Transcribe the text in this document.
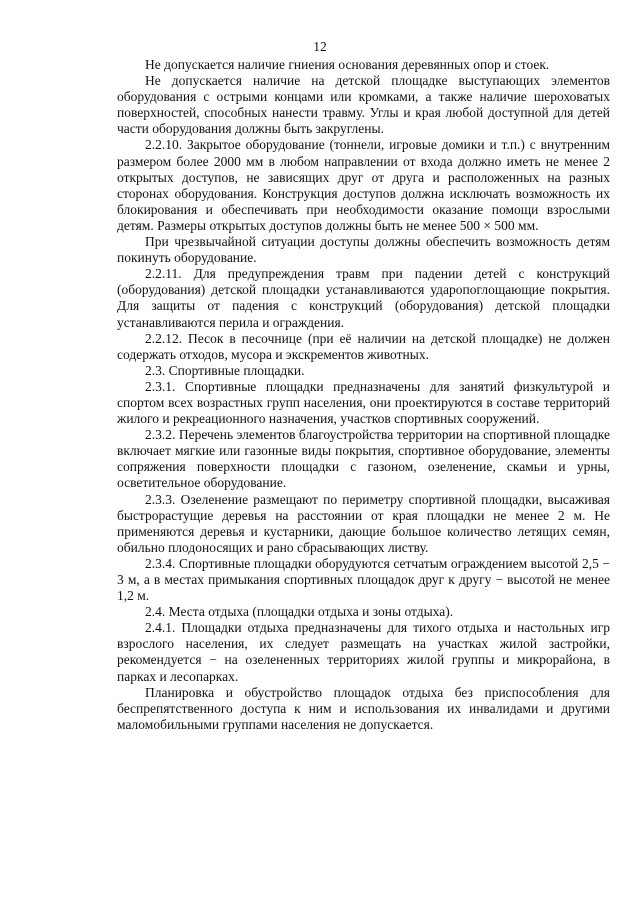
12

Не допускается наличие гниения основания деревянных опор и стоек.

Не допускается наличие на детской площадке выступающих элементов оборудования с острыми концами или кромками, а также наличие шероховатых поверхностей, способных нанести травму. Углы и края любой доступной для детей части оборудования должны быть закруглены.

2.2.10. Закрытое оборудование (тоннели, игровые домики и т.п.) с внутренним размером более 2000 мм в любом направлении от входа должно иметь не менее 2 открытых доступов, не зависящих друг от друга и расположенных на разных сторонах оборудования. Конструкция доступов должна исключать возможность их блокирования и обеспечивать при необходимости оказание помощи взрослыми детям. Размеры открытых доступов должны быть не менее 500 × 500 мм.

При чрезвычайной ситуации доступы должны обеспечить возможность детям покинуть оборудование.

2.2.11. Для предупреждения травм при падении детей с конструкций (оборудования) детской площадки устанавливаются ударопоглощающие покрытия. Для защиты от падения с конструкций (оборудования) детской площадки устанавливаются перила и ограждения.

2.2.12. Песок в песочнице (при её наличии на детской площадке) не должен содержать отходов, мусора и экскрементов животных.

2.3. Спортивные площадки.

2.3.1. Спортивные площадки предназначены для занятий физкультурой и спортом всех возрастных групп населения, они проектируются в составе территорий жилого и рекреационного назначения, участков спортивных сооружений.

2.3.2. Перечень элементов благоустройства территории на спортивной площадке включает мягкие или газонные виды покрытия, спортивное оборудование, элементы сопряжения поверхности площадки с газоном, озеленение, скамьи и урны, осветительное оборудование.

2.3.3. Озеленение размещают по периметру спортивной площадки, высаживая быстрорастущие деревья на расстоянии от края площадки не менее 2 м. Не применяются деревья и кустарники, дающие большое количество летящих семян, обильно плодоносящих и рано сбрасывающих листву.

2.3.4. Спортивные площадки оборудуются сетчатым ограждением высотой 2,5 − 3 м, а в местах примыкания спортивных площадок друг к другу − высотой не менее 1,2 м.

2.4. Места отдыха (площадки отдыха и зоны отдыха).

2.4.1. Площадки отдыха предназначены для тихого отдыха и настольных игр взрослого населения, их следует размещать на участках жилой застройки, рекомендуется − на озелененных территориях жилой группы и микрорайона, в парках и лесопарках.

Планировка и обустройство площадок отдыха без приспособления для беспрепятственного доступа к ним и использования их инвалидами и другими маломобильными группами населения не допускается.
